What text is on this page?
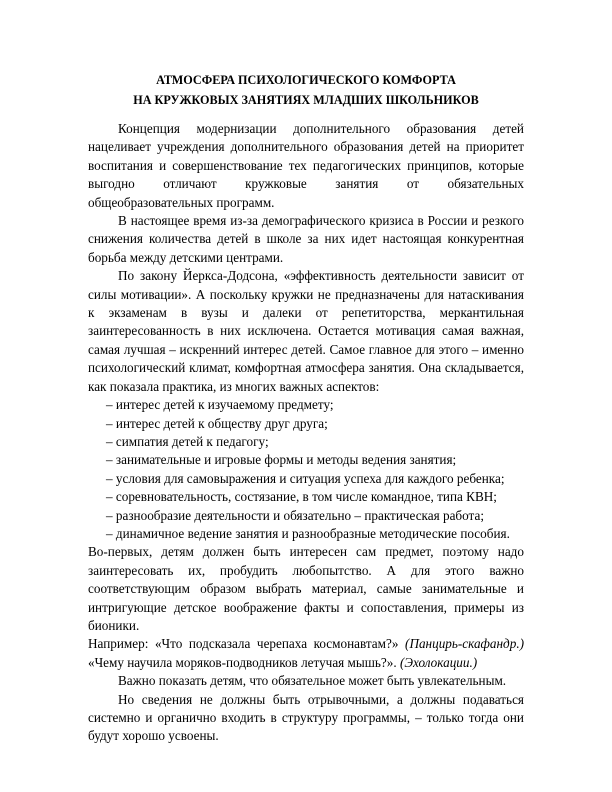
АТМОСФЕРА ПСИХОЛОГИЧЕСКОГО КОМФОРТА
НА КРУЖКОВЫХ ЗАНЯТИЯХ МЛАДШИХ ШКОЛЬНИКОВ

Концепция модернизации дополнительного образования детей нацеливает учреждения дополнительного образования детей на приоритет воспитания и совершенствование тех педагогических принципов, которые выгодно отличают кружковые занятия от обязательных общеобразовательных программ.

В настоящее время из-за демографического кризиса в России и резкого снижения количества детей в школе за них идет настоящая конкурентная борьба между детскими центрами.

По закону Йеркса-Додсона, «эффективность деятельности зависит от силы мотивации». А поскольку кружки не предназначены для натаскивания к экзаменам в вузы и далеки от репетиторства, меркантильная заинтересованность в них исключена. Остается мотивация самая важная, самая лучшая – искренний интерес детей. Самое главное для этого – именно психологический климат, комфортная атмосфера занятия. Она складывается, как показала практика, из многих важных аспектов:

– интерес детей к изучаемому предмету;
– интерес детей к обществу друг друга;
– симпатия детей к педагогу;
– занимательные и игровые формы и методы ведения занятия;
– условия для самовыражения и ситуация успеха для каждого ребенка;
– соревновательность, состязание, в том числе командное, типа КВН;
– разнообразие деятельности и обязательно – практическая работа;
– динамичное ведение занятия и разнообразные методические пособия.

Во-первых, детям должен быть интересен сам предмет, поэтому надо заинтересовать их, пробудить любопытство. А для этого важно соответствующим образом выбрать материал, самые занимательные и интригующие детское воображение факты и сопоставления, примеры из бионики.

Например: «Что подсказала черепаха космонавтам?» (Панцирь-скафандр.) «Чему научила моряков-подводников летучая мышь?». (Эхолокации.)

Важно показать детям, что обязательное может быть увлекательным.

Но сведения не должны быть отрывочными, а должны подаваться системно и органично входить в структуру программы, – только тогда они будут хорошо усвоены.
